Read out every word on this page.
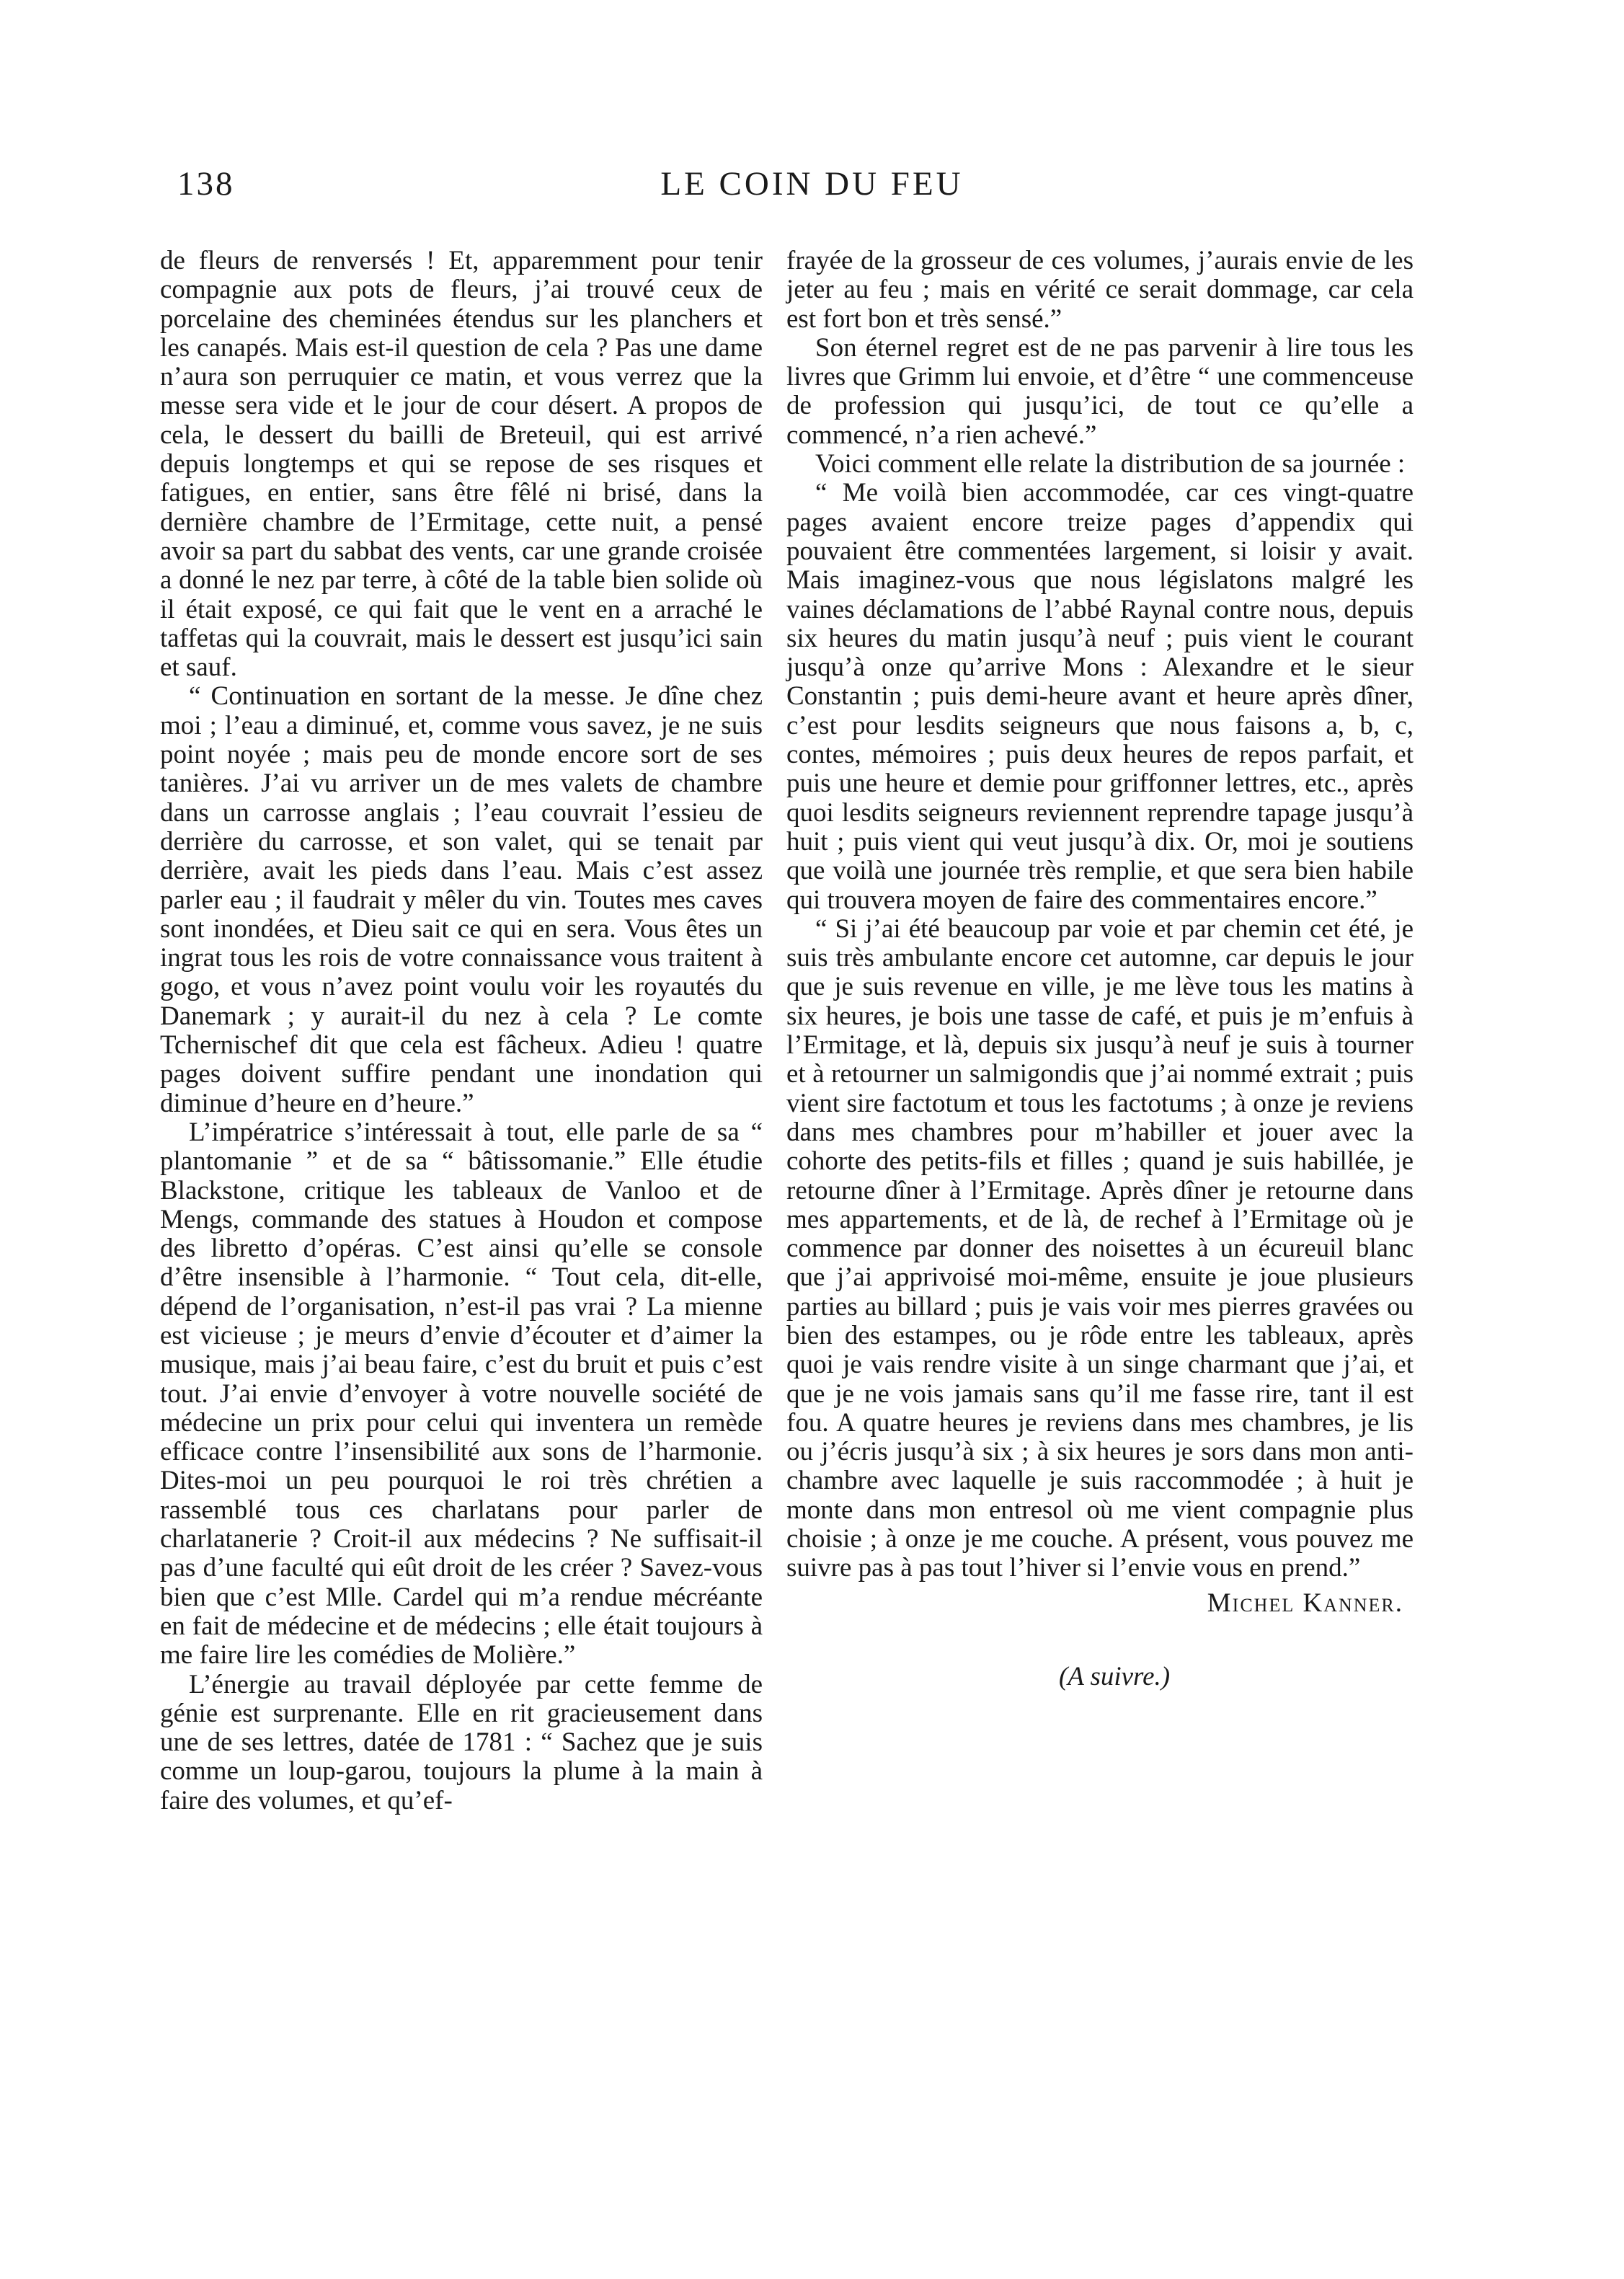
138	LE COIN DU FEU

de fleurs de renversés ! Et, apparemment pour tenir compagnie aux pots de fleurs, j’ai trouvé ceux de porcelaine des cheminées étendus sur les planchers et les canapés. Mais est-il question de cela ? Pas une dame n’aura son perruquier ce matin, et vous verrez que la messe sera vide et le jour de cour désert. A propos de cela, le dessert du bailli de Breteuil, qui est arrivé depuis longtemps et qui se repose de ses risques et fatigues, en entier, sans être fêlé ni brisé, dans la dernière chambre de l’Ermitage, cette nuit, a pensé avoir sa part du sabbat des vents, car une grande croisée a donné le nez par terre, à côté de la table bien solide où il était exposé, ce qui fait que le vent en a arraché le taffetas qui la couvrait, mais le dessert est jusqu’ici sain et sauf.

“ Continuation en sortant de la messe. Je dîne chez moi ; l’eau a diminué, et, comme vous savez, je ne suis point noyée ; mais peu de monde encore sort de ses tanières. J’ai vu arriver un de mes valets de chambre dans un carrosse anglais ; l’eau couvrait l’essieu de derrière du carrosse, et son valet, qui se tenait par derrière, avait les pieds dans l’eau. Mais c’est assez parler eau ; il faudrait y mêler du vin. Toutes mes caves sont inondées, et Dieu sait ce qui en sera. Vous êtes un ingrat tous les rois de votre connaissance vous traitent à gogo, et vous n’avez point voulu voir les royautés du Danemark ; y aurait-il du nez à cela ? Le comte Tchernischef dit que cela est fâcheux. Adieu ! quatre pages doivent suffire pendant une inondation qui diminue d’heure en d’heure.”

L’impératrice s’intéressait à tout, elle parle de sa “ plantomanie ” et de sa “ bâtissomanie.” Elle étudie Blackstone, critique les tableaux de Vanloo et de Mengs, commande des statues à Houdon et compose des libretto d’opéras. C’est ainsi qu’elle se console d’être insensible à l’harmonie. “ Tout cela, dit-elle, dépend de l’organisation, n’est-il pas vrai ? La mienne est vicieuse ; je meurs d’envie d’écouter et d’aimer la musique, mais j’ai beau faire, c’est du bruit et puis c’est tout. J’ai envie d’envoyer à votre nouvelle société de médecine un prix pour celui qui inventera un remède efficace contre l’insensibilité aux sons de l’harmonie. Dites-moi un peu pourquoi le roi très chrétien a rassemblé tous ces charlatans pour parler de charlatanerie ? Croit-il aux médecins ? Ne suffisait-il pas d’une faculté qui eût droit de les créer ? Savez-vous bien que c’est Mlle. Cardel qui m’a rendue mécréante en fait de médecine et de médecins ; elle était toujours à me faire lire les comédies de Molière.”

L’énergie au travail déployée par cette femme de génie est surprenante. Elle en rit gracieusement dans une de ses lettres, datée de 1781 : “ Sachez que je suis comme un loup-garou, toujours la plume à la main à faire des volumes, et qu’ef-

frayée de la grosseur de ces volumes, j’aurais envie de les jeter au feu ; mais en vérité ce serait dommage, car cela est fort bon et très sensé.”

Son éternel regret est de ne pas parvenir à lire tous les livres que Grimm lui envoie, et d’être “ une commenceuse de profession qui jusqu’ici, de tout ce qu’elle a commencé, n’a rien achevé.”

Voici comment elle relate la distribution de sa journée :

“ Me voilà bien accommodée, car ces vingt-quatre pages avaient encore treize pages d’appendix qui pouvaient être commentées largement, si loisir y avait. Mais imaginez-vous que nous législatons malgré les vaines déclamations de l’abbé Raynal contre nous, depuis six heures du matin jusqu’à neuf ; puis vient le courant jusqu’à onze qu’arrive Mons : Alexandre et le sieur Constantin ; puis demi-heure avant et heure après dîner, c’est pour lesdits seigneurs que nous faisons a, b, c, contes, mémoires ; puis deux heures de repos parfait, et puis une heure et demie pour griffonner lettres, etc., après quoi lesdits seigneurs reviennent reprendre tapage jusqu’à huit ; puis vient qui veut jusqu’à dix. Or, moi je soutiens que voilà une journée très remplie, et que sera bien habile qui trouvera moyen de faire des commentaires encore.”

“ Si j’ai été beaucoup par voie et par chemin cet été, je suis très ambulante encore cet automne, car depuis le jour que je suis revenue en ville, je me lève tous les matins à six heures, je bois une tasse de café, et puis je m’enfuis à l’Ermitage, et là, depuis six jusqu’à neuf je suis à tourner et à retourner un salmigondis que j’ai nommé extrait ; puis vient sire factotum et tous les factotums ; à onze je reviens dans mes chambres pour m’habiller et jouer avec la cohorte des petits-fils et filles ; quand je suis habillée, je retourne dîner à l’Ermitage. Après dîner je retourne dans mes appartements, et de là, de rechef à l’Ermitage où je commence par donner des noisettes à un écureuil blanc que j’ai apprivoisé moi-même, ensuite je joue plusieurs parties au billard ; puis je vais voir mes pierres gravées ou bien des estampes, ou je rôde entre les tableaux, après quoi je vais rendre visite à un singe charmant que j’ai, et que je ne vois jamais sans qu’il me fasse rire, tant il est fou. A quatre heures je reviens dans mes chambres, je lis ou j’écris jusqu’à six ; à six heures je sors dans mon anti-chambre avec laquelle je suis raccommodée ; à huit je monte dans mon entresol où me vient compagnie plus choisie ; à onze je me couche. A présent, vous pouvez me suivre pas à pas tout l’hiver si l’envie vous en prend.”

Michel Kanner.
(A suivre.)
